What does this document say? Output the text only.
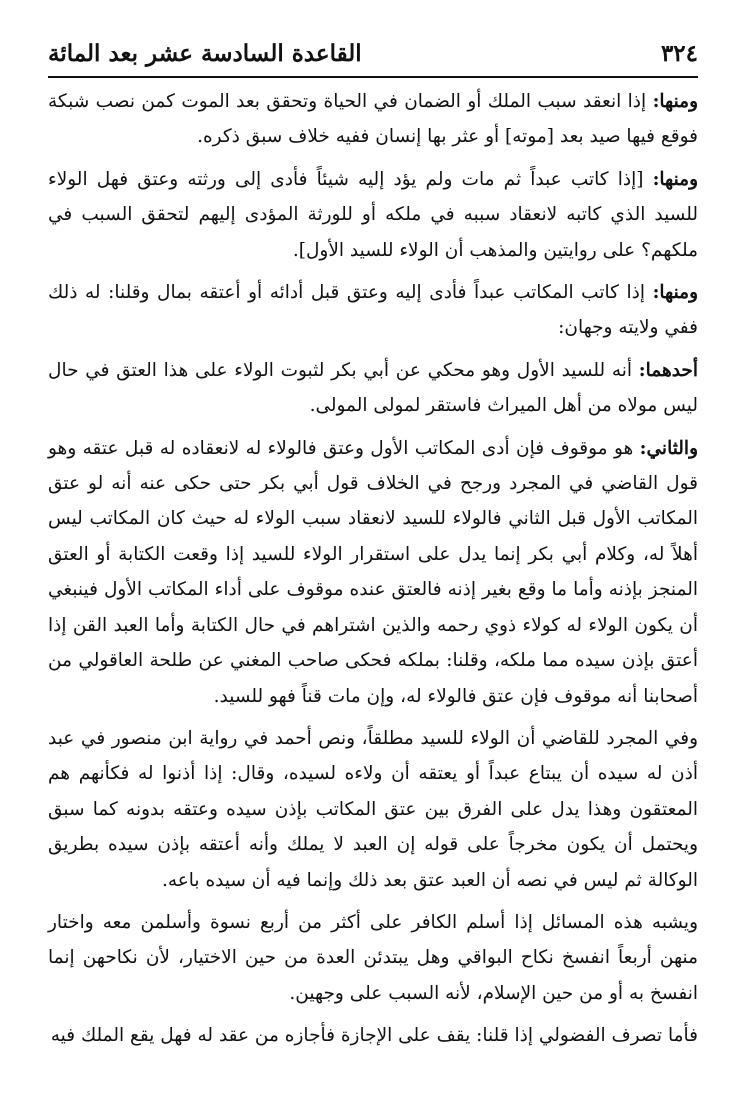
٣٢٤
القاعدة السادسة عشر بعد المائة

ومنها: إذا انعقد سبب الملك أو الضمان في الحياة وتحقق بعد الموت كمن نصب شبكة فوقع فيها صيد بعد [موته] أو عثر بها إنسان ففيه خلاف سبق ذكره.

ومنها: [إذا كاتب عبداً ثم مات ولم يؤد إليه شيئاً فأدى إلى ورثته وعتق فهل الولاء للسيد الذي كاتبه لانعقاد سببه في ملكه أو للورثة المؤدى إليهم لتحقق السبب في ملكهم؟ على روايتين والمذهب أن الولاء للسيد الأول].

ومنها: إذا كاتب المكاتب عبداً فأدى إليه وعتق قبل أدائه أو أعتقه بمال وقلنا: له ذلك ففي ولايته وجهان:

أحدهما: أنه للسيد الأول وهو محكي عن أبي بكر لثبوت الولاء على هذا العتق في حال ليس مولاه من أهل الميراث فاستقر لمولى المولى.

والثاني: هو موقوف فإن أدى المكاتب الأول وعتق فالولاء له لانعقاده له قبل عتقه وهو قول القاضي في المجرد ورجح في الخلاف قول أبي بكر حتى حكى عنه أنه لو عتق المكاتب الأول قبل الثاني فالولاء للسيد لانعقاد سبب الولاء له حيث كان المكاتب ليس أهلاً له، وكلام أبي بكر إنما يدل على استقرار الولاء للسيد إذا وقعت الكتابة أو العتق المنجز بإذنه وأما ما وقع بغير إذنه فالعتق عنده موقوف على أداء المكاتب الأول فينبغي أن يكون الولاء له كولاء ذوي رحمه والذين اشتراهم في حال الكتابة وأما العبد القن إذا أعتق بإذن سيده مما ملكه، وقلنا: بملكه فحكى صاحب المغني عن طلحة العاقولي من أصحابنا أنه موقوف فإن عتق فالولاء له، وإن مات قناً فهو للسيد.

وفي المجرد للقاضي أن الولاء للسيد مطلقاً، ونص أحمد في رواية ابن منصور في عبد أذن له سيده أن يبتاع عبداً أو يعتقه أن ولاءه لسيده، وقال: إذا أذنوا له فكأنهم هم المعتقون وهذا يدل على الفرق بين عتق المكاتب بإذن سيده وعتقه بدونه كما سبق ويحتمل أن يكون مخرجاً على قوله إن العبد لا يملك وأنه أعتقه بإذن سيده بطريق الوكالة ثم ليس في نصه أن العبد عتق بعد ذلك وإنما فيه أن سيده باعه.

ويشبه هذه المسائل إذا أسلم الكافر على أكثر من أربع نسوة وأسلمن معه واختار منهن أربعاً انفسخ نكاح البواقي وهل يبتدئن العدة من حين الاختيار، لأن نكاحهن إنما انفسخ به أو من حين الإسلام، لأنه السبب على وجهين.

فأما تصرف الفضولي إذا قلنا: يقف على الإجازة فأجازه من عقد له فهل يقع الملك فيه
